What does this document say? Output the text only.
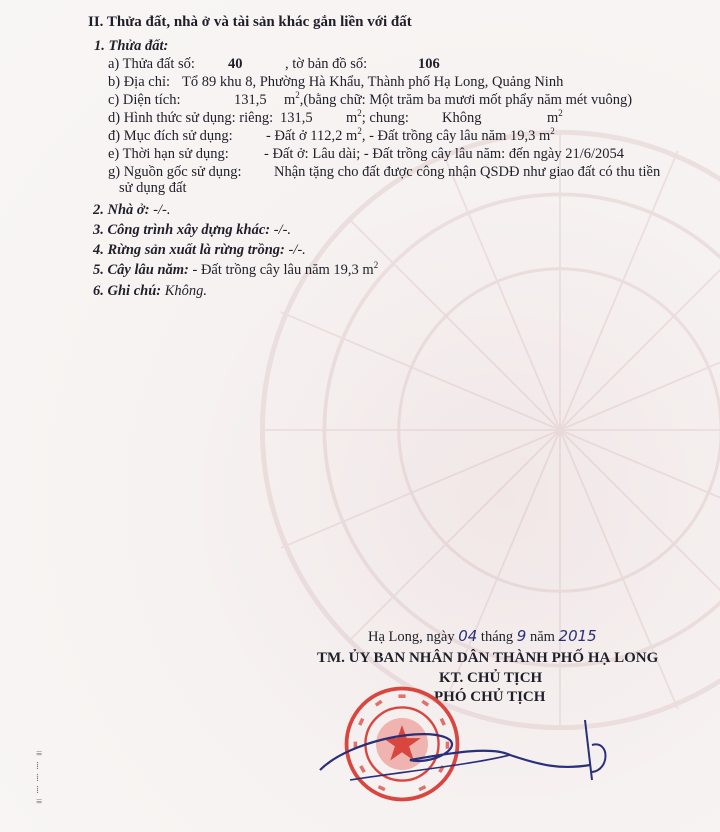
II. Thửa đất, nhà ở và tài sản khác gắn liền với đất
1. Thửa đất:
a) Thửa đất số: 40	, tờ bản đồ số:	106
b) Địa chỉ: Tổ 89 khu 8, Phường Hà Khẩu, Thành phố Hạ Long, Quảng Ninh
c) Diện tích:	131,5 $m^2,(bằng$ chữ: Một trăm ba mươi mốt phẩy năm mét vuông)
d) Hình thức sử dụng: riêng: 131,5 $m^2$; chung: Không	$m^2$
đ) Mục đích sử dụng: - Đất ở 112,2 $m^2$, - Đất trồng cây lâu năm 19,3 $m^2$
e) Thời hạn sử dụng: - Đất ở: Lâu dài; - Đất trồng cây lâu năm: đến ngày 21/6/2054
g) Nguồn gốc sử dụng: Nhận tặng cho đất được công nhận QSDĐ như giao đất có thu tiền
sử dụng đất
2. Nhà ở: -/-.
3. Công trình xây dựng khác: -/-.
4. Rừng sản xuất là rừng trồng: -/-.
5. Cây lâu năm: - Đất trồng cây lâu năm 19,3 $m^2$
6. Ghi chú: Không.
Hạ Long, ngày 04 tháng 9 năm 2015
TM. ỦY BAN NHÂN DÂN THÀNH PHỐ HẠ LONG
KT. CHỦ TỊCH
PHÓ CHỦ TỊCH
≡
⁞
⁞
⁞
≡
